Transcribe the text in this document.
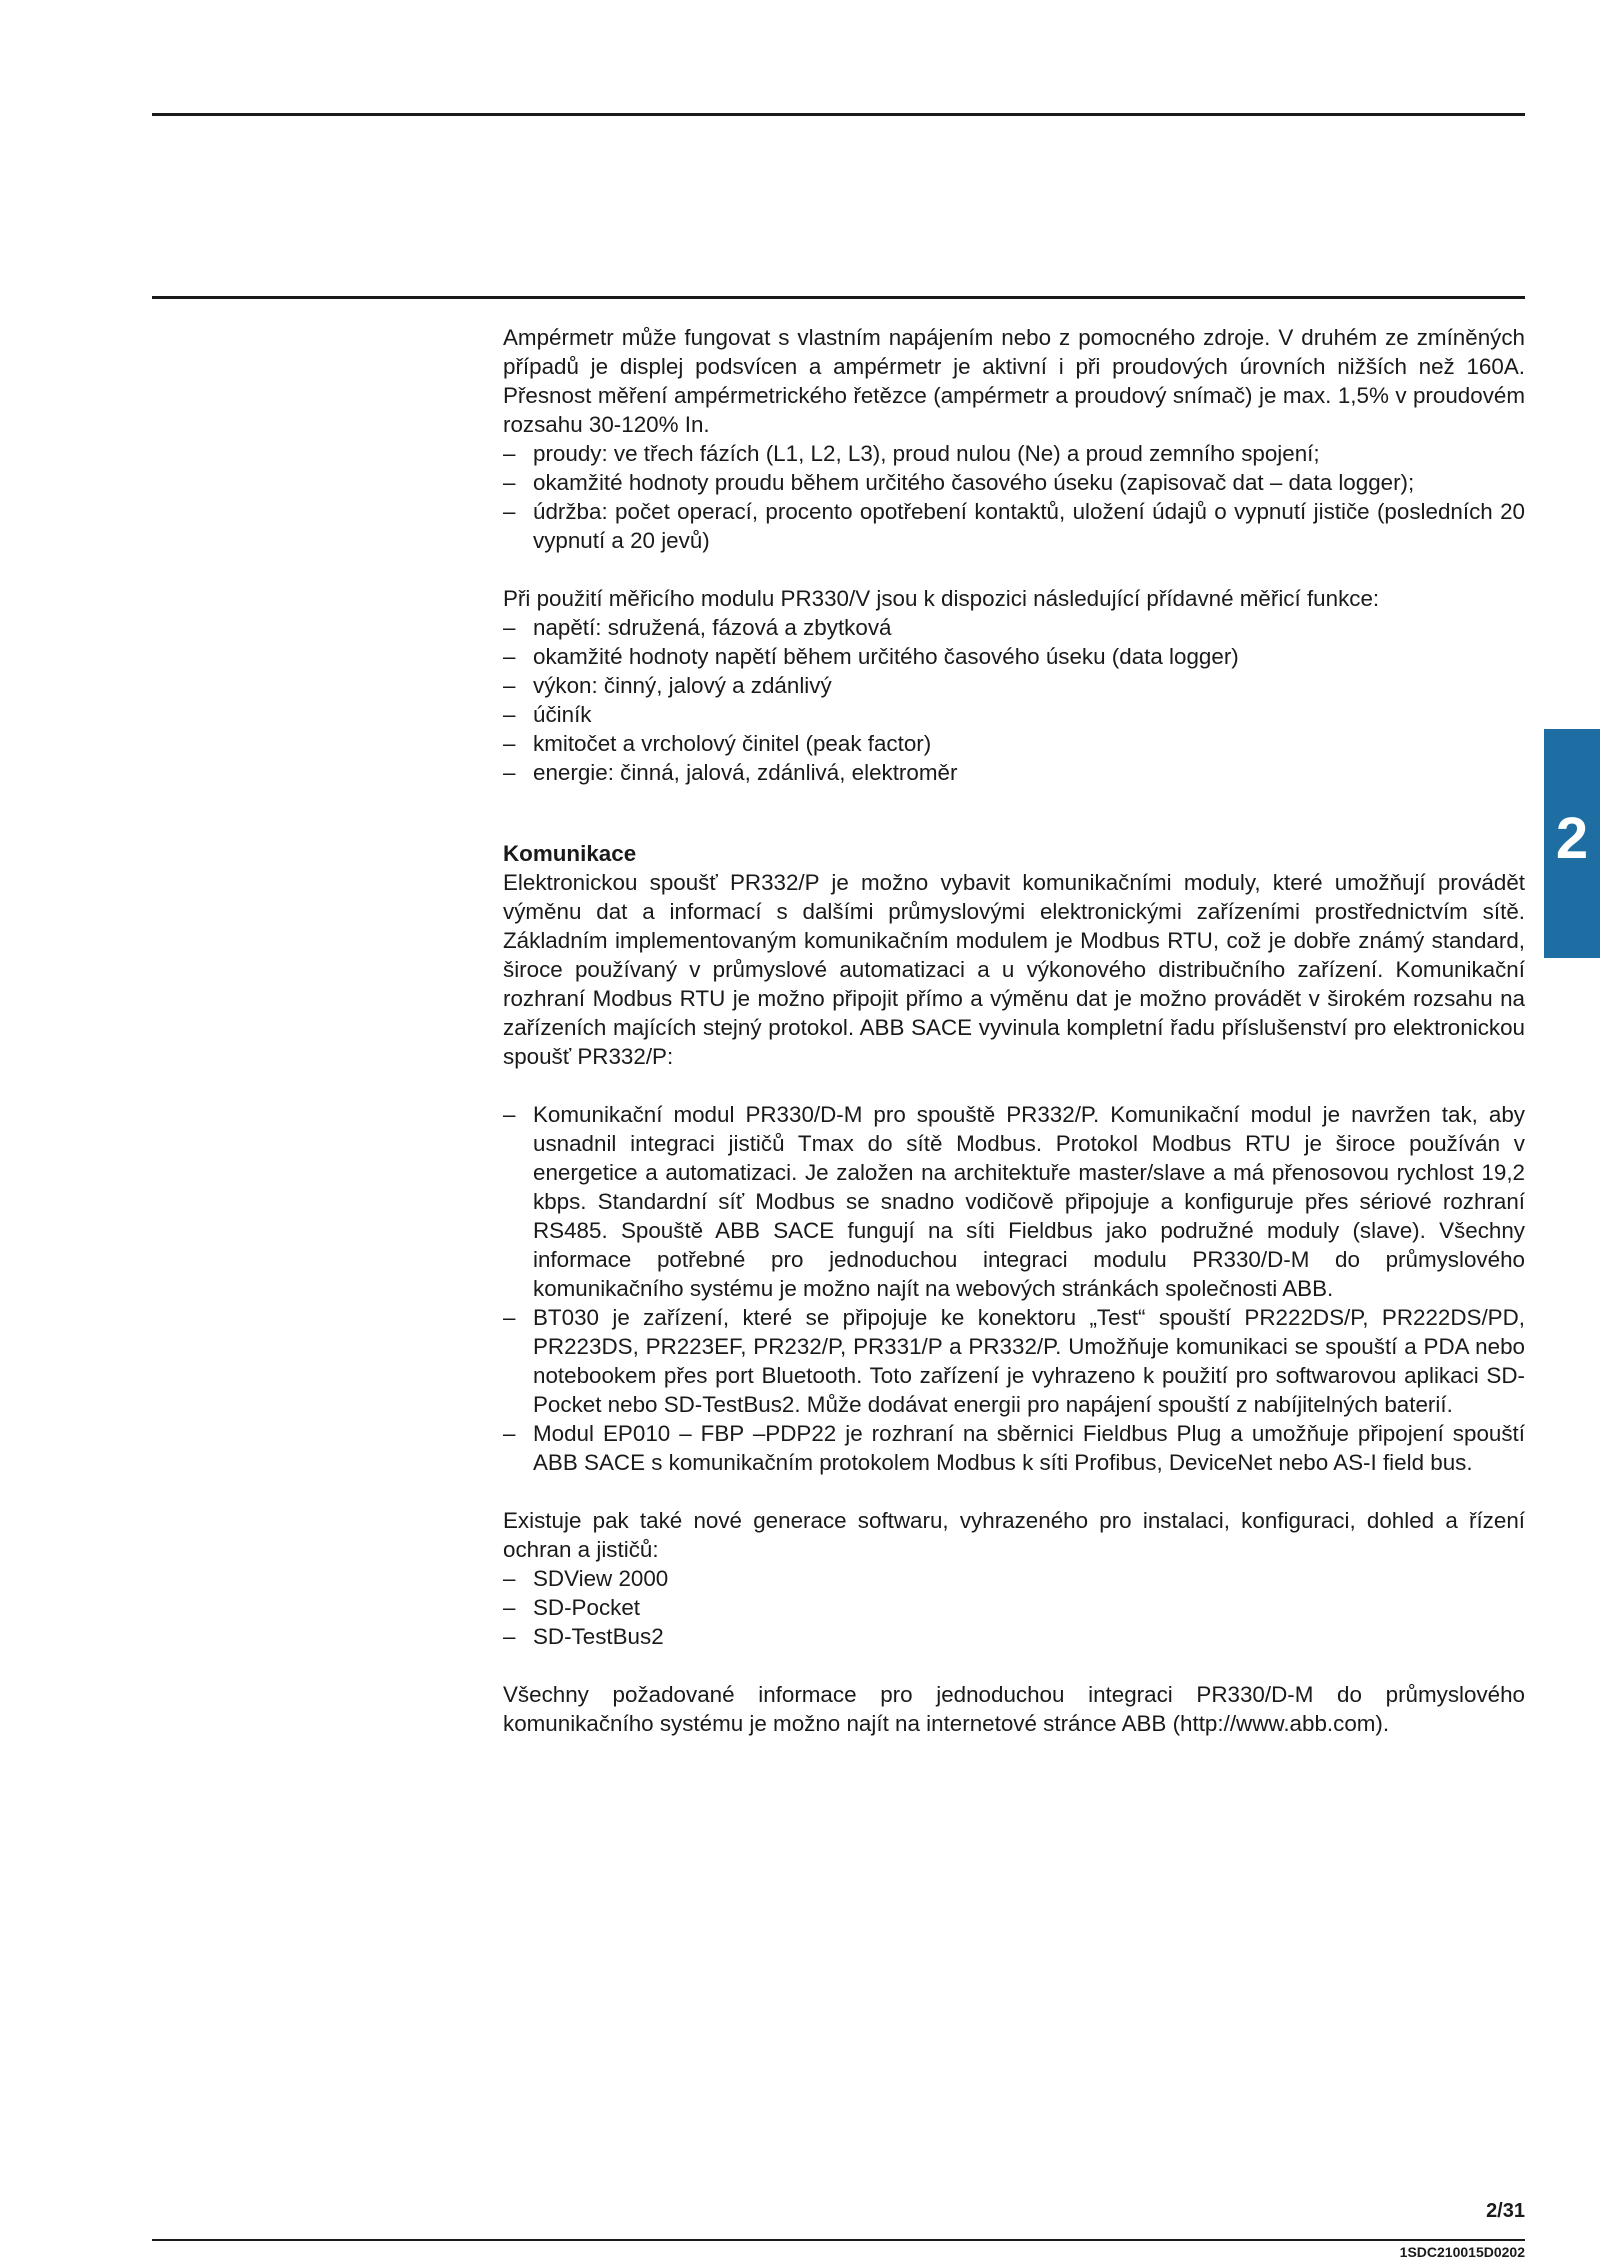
2

Ampérmetr může fungovat s vlastním napájením nebo z pomocného zdroje. V druhém ze zmíněných případů je displej podsvícen a ampérmetr je aktivní i při proudových úrovních nižších než 160A. Přesnost měření ampérmetrického řetězce (ampérmetr a proudový snímač) je max. 1,5% v proudovém rozsahu 30-120% In.

– proudy: ve třech fázích (L1, L2, L3), proud nulou (Ne) a proud zemního spojení;
– okamžité hodnoty proudu během určitého časového úseku (zapisovač dat – data logger);
– údržba: počet operací, procento opotřebení kontaktů, uložení údajů o vypnutí jističe (posledních 20 vypnutí a 20 jevů)

Při použití měřicího modulu PR330/V jsou k dispozici následující přídavné měřicí funkce:

– napětí: sdružená, fázová a zbytková
– okamžité hodnoty napětí během určitého časového úseku (data logger)
– výkon: činný, jalový a zdánlivý
– účiník
– kmitočet a vrcholový činitel (peak factor)
– energie: činná, jalová, zdánlivá, elektroměr

Komunikace

Elektronickou spoušť PR332/P je možno vybavit komunikačními moduly, které umožňují provádět výměnu dat a informací s dalšími průmyslovými elektronickými zařízeními prostřednictvím sítě. Základním implementovaným komunikačním modulem je Modbus RTU, což je dobře známý standard, široce používaný v průmyslové automatizaci a u výkonového distribučního zařízení. Komunikační rozhraní Modbus RTU je možno připojit přímo a výměnu dat je možno provádět v širokém rozsahu na zařízeních majících stejný protokol. ABB SACE vyvinula kompletní řadu příslušenství pro elektronickou spoušť PR332/P:

– Komunikační modul PR330/D-M pro spouště PR332/P. Komunikační modul je navržen tak, aby usnadnil integraci jističů Tmax do sítě Modbus. Protokol Modbus RTU je široce používán v energetice a automatizaci. Je založen na architektuře master/slave a má přenosovou rychlost 19,2 kbps. Standardní síť Modbus se snadno vodičově připojuje a konfiguruje přes sériové rozhraní RS485. Spouště ABB SACE fungují na síti Fieldbus jako podružné moduly (slave). Všechny informace potřebné pro jednoduchou integraci modulu PR330/D-M do průmyslového komunikačního systému je možno najít na webových stránkách společnosti ABB.
– BT030 je zařízení, které se připojuje ke konektoru „Test“ spouští PR222DS/P, PR222DS/PD, PR223DS, PR223EF, PR232/P, PR331/P a PR332/P. Umožňuje komunikaci se spouští a PDA nebo notebookem přes port Bluetooth. Toto zařízení je vyhrazeno k použití pro softwarovou aplikaci SD-Pocket nebo SD-TestBus2. Může dodávat energii pro napájení spouští z nabíjitelných baterií.
– Modul EP010 – FBP –PDP22 je rozhraní na sběrnici Fieldbus Plug a umožňuje připojení spouští ABB SACE s komunikačním protokolem Modbus k síti Profibus, DeviceNet nebo AS-I field bus.

Existuje pak také nové generace softwaru, vyhrazeného pro instalaci, konfiguraci, dohled a řízení ochran a jističů:

– SDView 2000
– SD-Pocket
– SD-TestBus2

Všechny požadované informace pro jednoduchou integraci PR330/D-M do průmyslového komunikačního systému je možno najít na internetové stránce ABB (http://www.abb.com).

2/31
1SDC210015D0202
